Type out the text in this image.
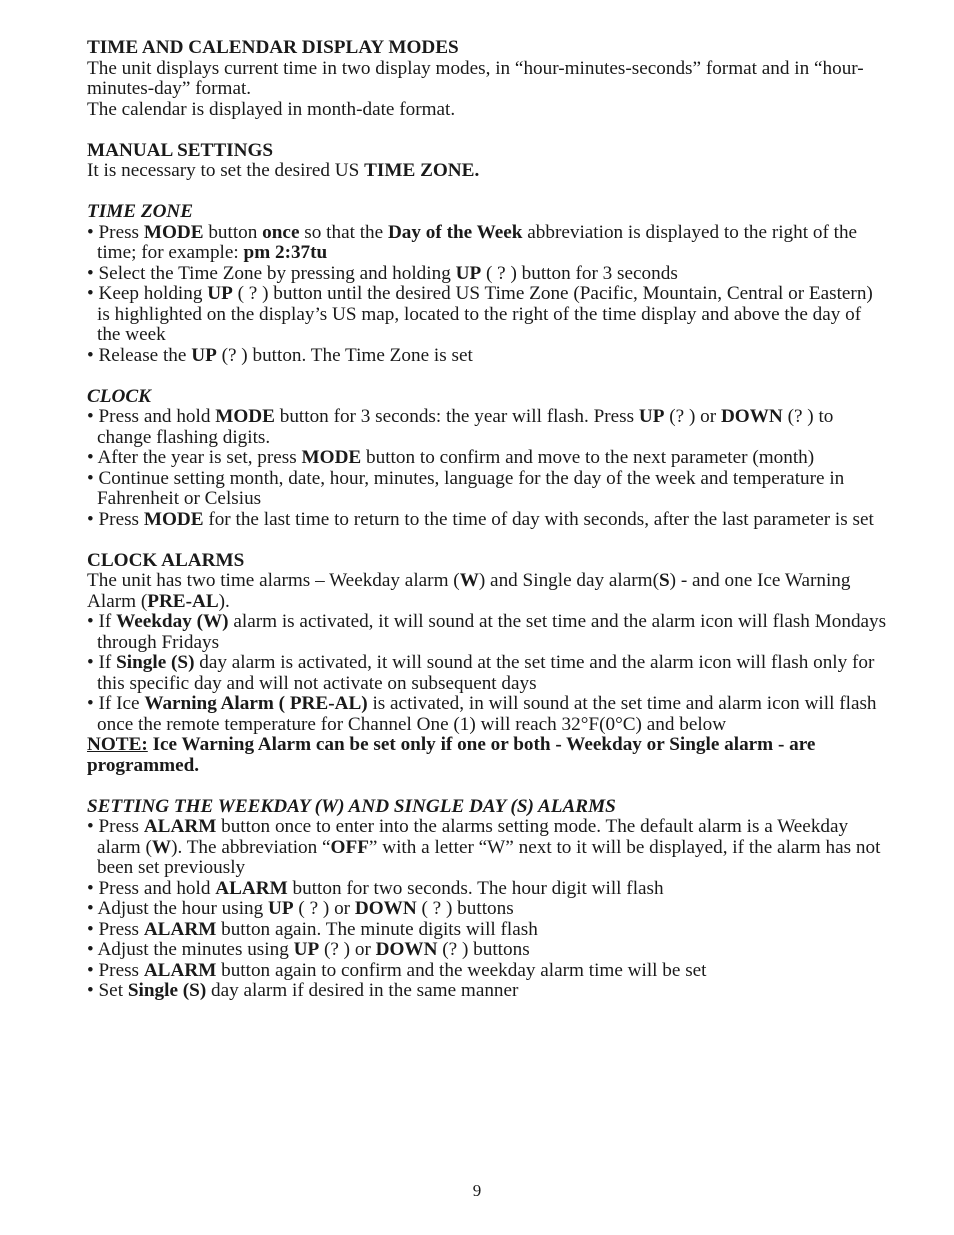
TIME AND CALENDAR DISPLAY MODES
The unit displays current time in two display modes, in “hour-minutes-seconds” format and in “hour-minutes-day” format.
The calendar is displayed in month-date format.
MANUAL SETTINGS
It is necessary to set the desired US TIME ZONE.
TIME ZONE
• Press MODE button once so that the Day of the Week abbreviation is displayed to the right of the time; for example: pm 2:37tu
• Select the Time Zone by pressing and holding UP ( ? ) button for 3 seconds
• Keep holding UP ( ? ) button until the desired US Time Zone (Pacific, Mountain, Central or Eastern) is highlighted on the display’s US map, located to the right of the time display and above the day of the week
• Release the UP (? ) button. The Time Zone is set
CLOCK
• Press and hold MODE button for 3 seconds: the year will flash. Press UP (? ) or DOWN (? ) to change flashing digits.
• After the year is set, press MODE button to confirm and move to the next parameter (month)
• Continue setting month, date, hour, minutes, language for the day of the week and temperature in Fahrenheit or Celsius
• Press MODE for the last time to return to the time of day with seconds, after the last parameter is set
CLOCK ALARMS
The unit has two time alarms – Weekday alarm (W) and Single day alarm(S) - and one Ice Warning Alarm (PRE-AL).
• If Weekday (W) alarm is activated, it will sound at the set time and the alarm icon will flash Mondays through Fridays
• If Single (S) day alarm is activated, it will sound at the set time and the alarm icon will flash only for this specific day and will not activate on subsequent days
• If Ice Warning Alarm ( PRE-AL) is activated, in will sound at the set time and alarm icon will flash once the remote temperature for Channel One (1) will reach 32°F(0°C) and below
NOTE: Ice Warning Alarm can be set only if one or both - Weekday or Single alarm - are programmed.
SETTING THE WEEKDAY (W) AND SINGLE DAY (S) ALARMS
• Press ALARM button once to enter into the alarms setting mode. The default alarm is a Weekday alarm (W). The abbreviation “OFF” with a letter “W” next to it will be displayed, if the alarm has not been set previously
• Press and hold ALARM button for two seconds. The hour digit will flash
• Adjust the hour using UP ( ? ) or DOWN ( ? ) buttons
• Press ALARM button again. The minute digits will flash
• Adjust the minutes using UP (? ) or DOWN (? ) buttons
• Press ALARM button again to confirm and the weekday alarm time will be set
• Set Single (S) day alarm if desired in the same manner
9
